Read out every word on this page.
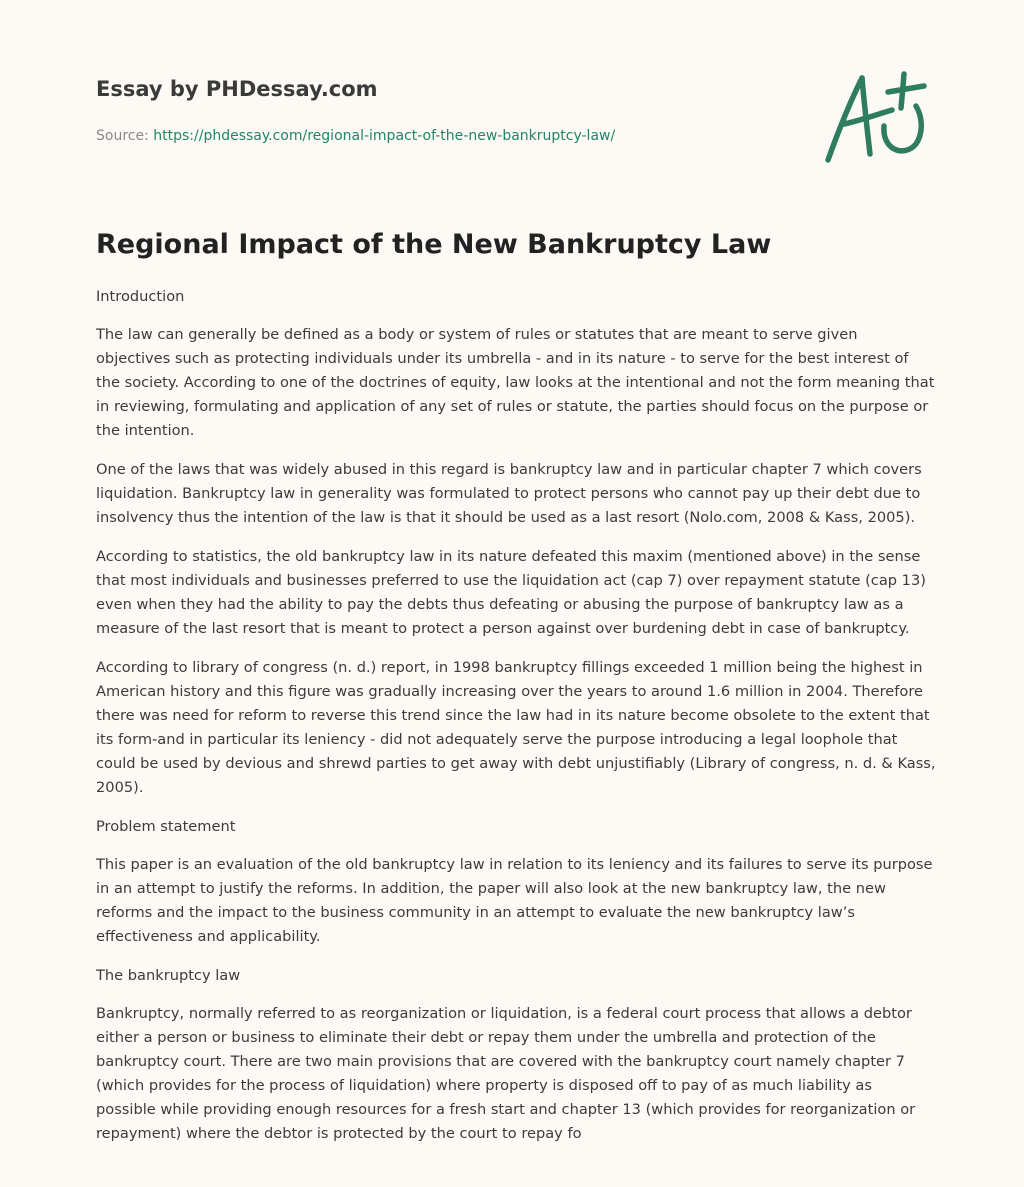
Essay by PHDessay.com
Source: https://phdessay.com/regional-impact-of-the-new-bankruptcy-law/
Regional Impact of the New Bankruptcy Law

Introduction

The law can generally be defined as a body or system of rules or statutes that are meant to serve given objectives such as protecting individuals under its umbrella - and in its nature - to serve for the best interest of the society. According to one of the doctrines of equity, law looks at the intentional and not the form meaning that in reviewing, formulating and application of any set of rules or statute, the parties should focus on the purpose or the intention.

One of the laws that was widely abused in this regard is bankruptcy law and in particular chapter 7 which covers liquidation. Bankruptcy law in generality was formulated to protect persons who cannot pay up their debt due to insolvency thus the intention of the law is that it should be used as a last resort (Nolo.com, 2008 & Kass, 2005).

According to statistics, the old bankruptcy law in its nature defeated this maxim (mentioned above) in the sense that most individuals and businesses preferred to use the liquidation act (cap 7) over repayment statute (cap 13) even when they had the ability to pay the debts thus defeating or abusing the purpose of bankruptcy law as a measure of the last resort that is meant to protect a person against over burdening debt in case of bankruptcy.

According to library of congress (n. d.) report, in 1998 bankruptcy fillings exceeded 1 million being the highest in American history and this figure was gradually increasing over the years to around 1.6 million in 2004. Therefore there was need for reform to reverse this trend since the law had in its nature become obsolete to the extent that its form-and in particular its leniency - did not adequately serve the purpose introducing a legal loophole that could be used by devious and shrewd parties to get away with debt unjustifiably (Library of congress, n. d. & Kass, 2005).

Problem statement

This paper is an evaluation of the old bankruptcy law in relation to its leniency and its failures to serve its purpose in an attempt to justify the reforms. In addition, the paper will also look at the new bankruptcy law, the new reforms and the impact to the business community in an attempt to evaluate the new bankruptcy law’s effectiveness and applicability.

The bankruptcy law

Bankruptcy, normally referred to as reorganization or liquidation, is a federal court process that allows a debtor either a person or business to eliminate their debt or repay them under the umbrella and protection of the bankruptcy court. There are two main provisions that are covered with the bankruptcy court namely chapter 7 (which provides for the process of liquidation) where property is disposed off to pay of as much liability as possible while providing enough resources for a fresh start and chapter 13 (which provides for reorganization or repayment) where the debtor is protected by the court to repay fo
